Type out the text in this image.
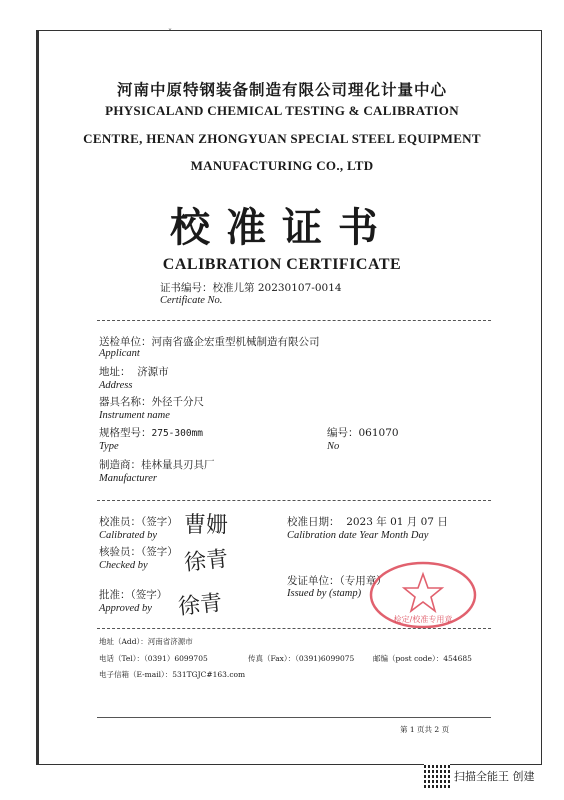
˘
河南中原特钢装备制造有限公司理化计量中心
PHYSICALAND CHEMICAL TESTING & CALIBRATION
CENTRE, HENAN ZHONGYUAN SPECIAL STEEL EQUIPMENT
MANUFACTURING CO., LTD
校准证书
CALIBRATION CERTIFICATE
证书编号：校准儿第 20230107-0014
Certificate No.
送检单位：河南省盛企宏重型机械制造有限公司
Applicant
地址： 济源市
Address
器具名称：外径千分尺
Instrument name
规格型号：275-300mm
Type
编号：061070
No
制造商：桂林量具刃具厂
Manufacturer
校准员：（签字）
Calibrated by 曹姗
核验员：（签字）
Checked by 徐青
批准：（签字）
Approved by 徐青
校准日期： 2023 年 01 月 07 日
Calibration date Year Month Day
发证单位：（专用章）
Issued by (stamp)
检定/校准专用章
地址（Add）：河南省济源市
电话（Tel）：（0391）6099705	传真（Fax）：（0391)6099075 邮编（post code）：454685
电子信箱（E-mail）：531TGJC#163.com
第 1 页共 2 页
扫描全能王 创建
